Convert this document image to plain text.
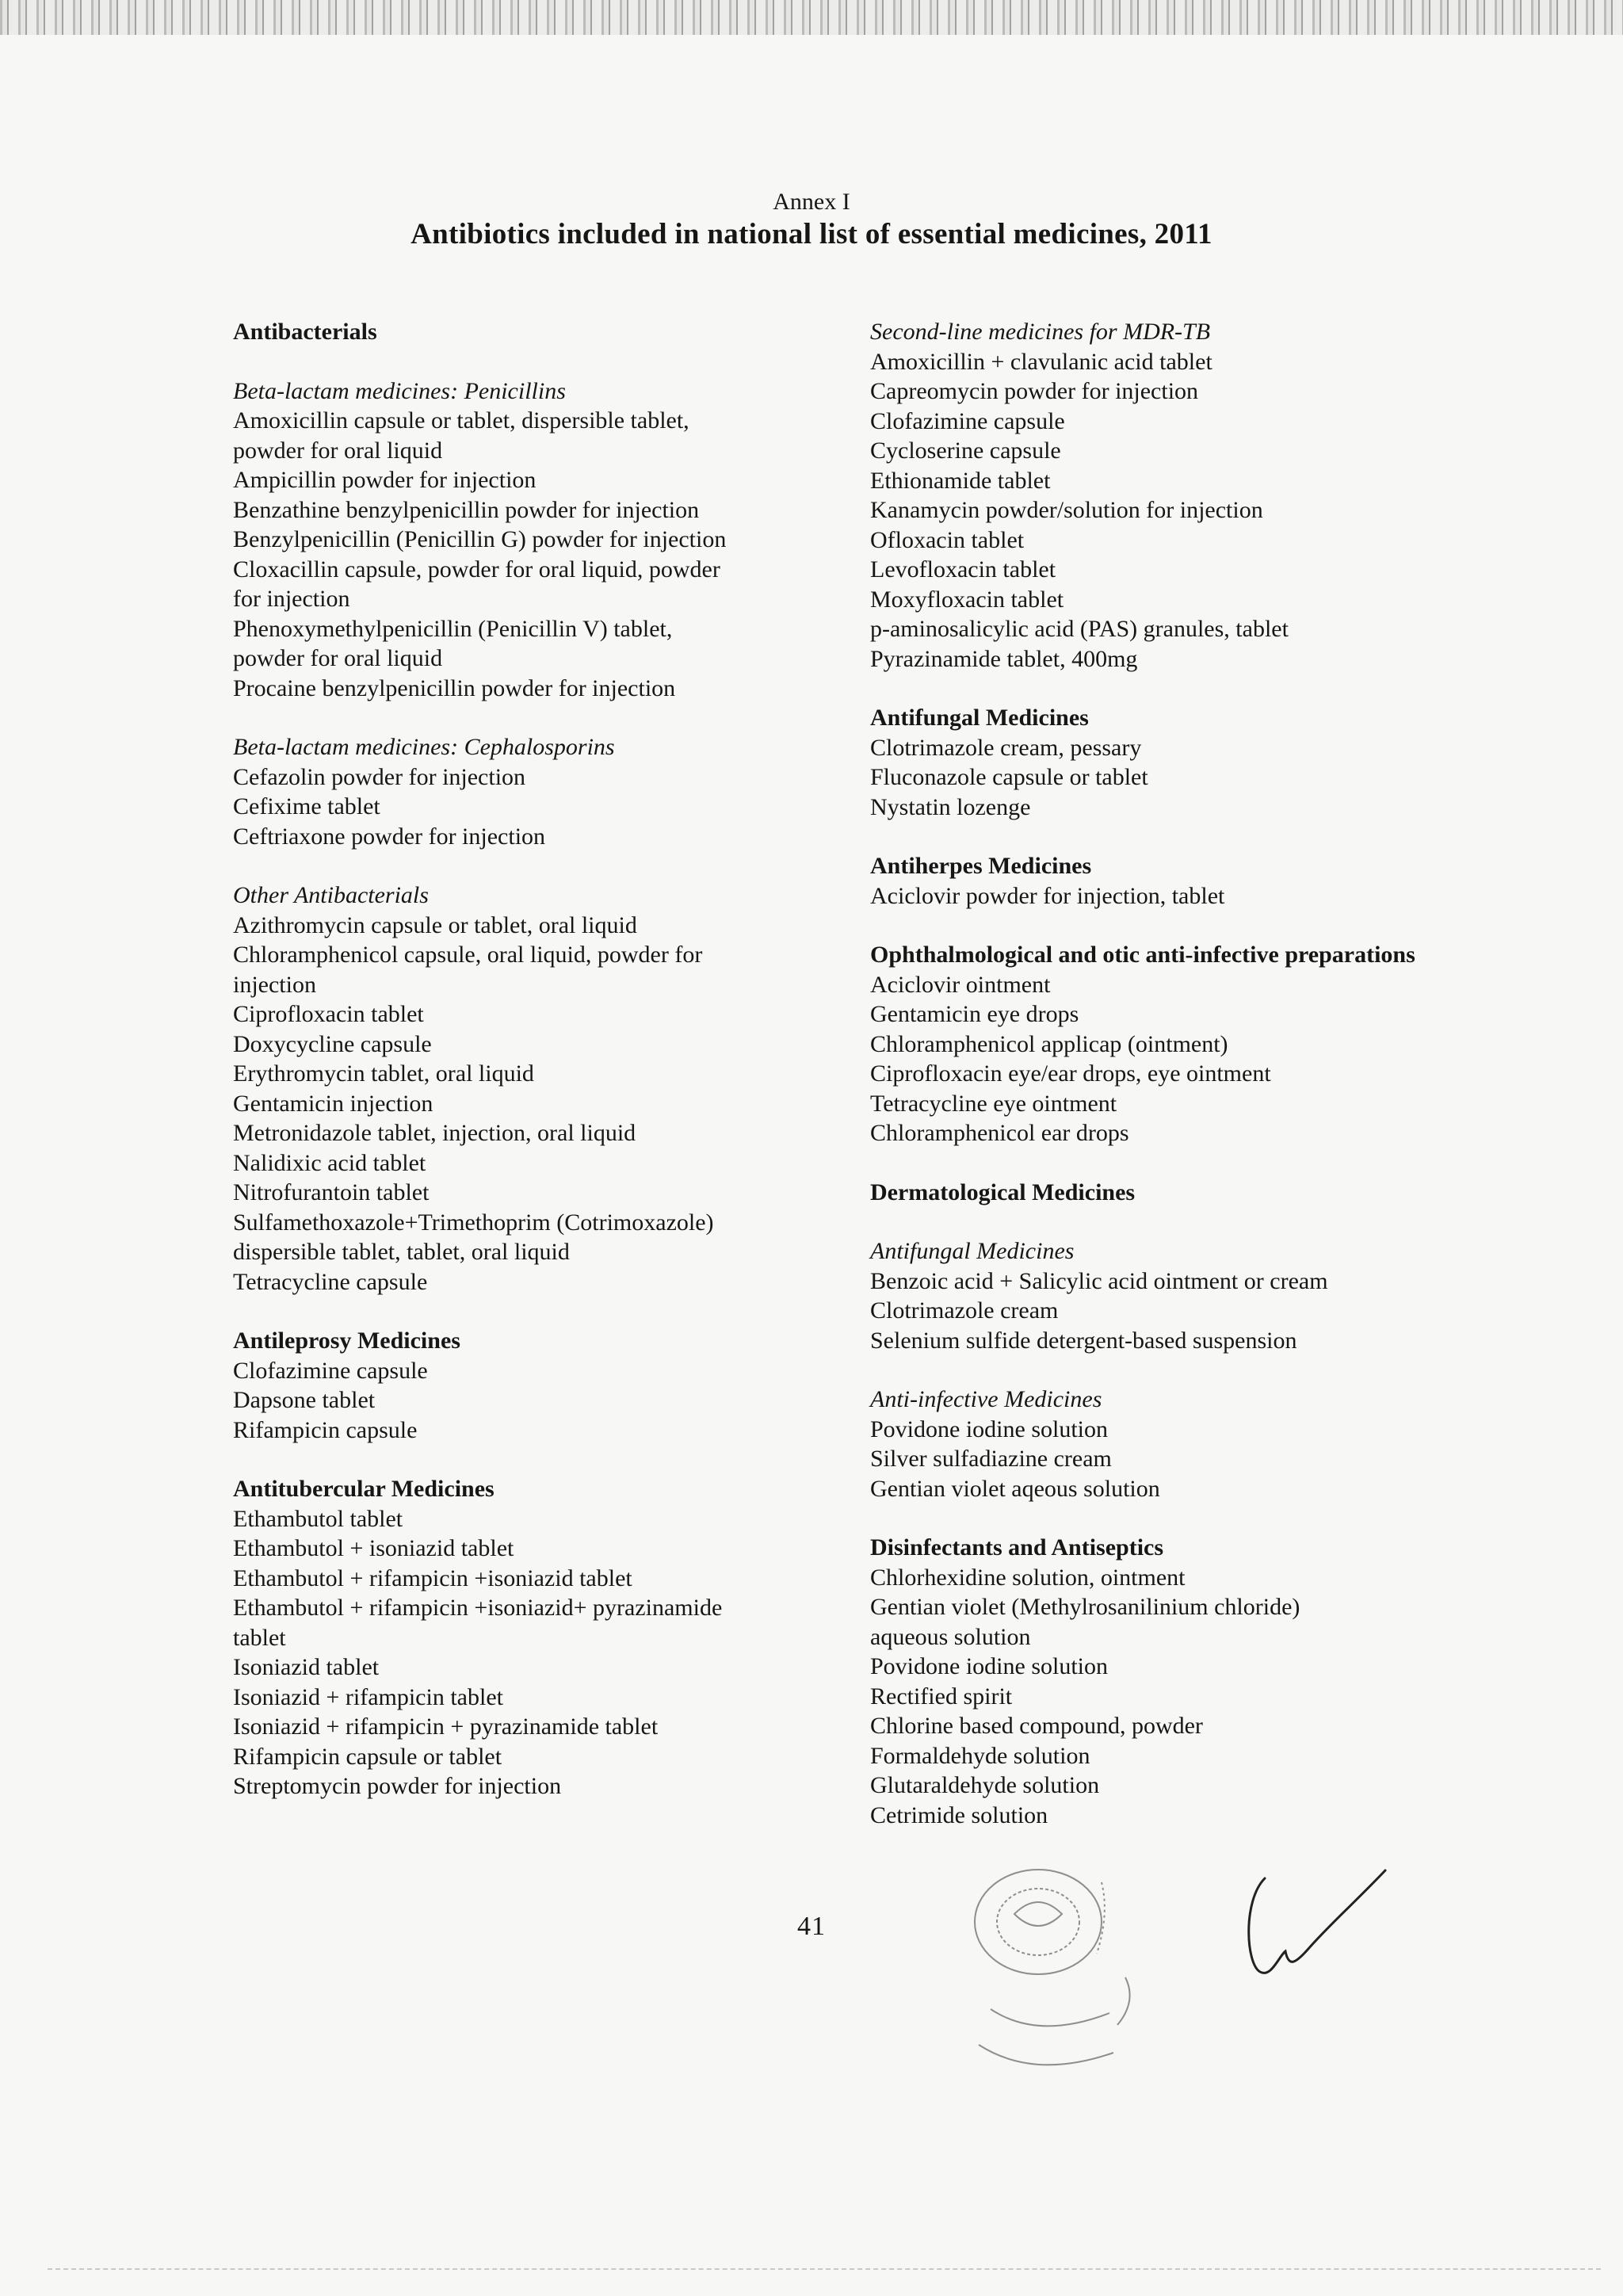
Annex I
Antibiotics included in national list of essential medicines, 2011
Antibacterials
Beta-lactam medicines: Penicillins
Amoxicillin capsule or tablet, dispersible tablet,
powder for oral liquid
Ampicillin powder for injection
Benzathine benzylpenicillin powder for injection
Benzylpenicillin (Penicillin G) powder for injection
Cloxacillin capsule, powder for oral liquid, powder
for injection
Phenoxymethylpenicillin (Penicillin V) tablet,
powder for oral liquid
Procaine benzylpenicillin powder for injection
Beta-lactam medicines: Cephalosporins
Cefazolin powder for injection
Cefixime tablet
Ceftriaxone powder for injection
Other Antibacterials
Azithromycin capsule or tablet, oral liquid
Chloramphenicol capsule, oral liquid, powder for
injection
Ciprofloxacin tablet
Doxycycline capsule
Erythromycin tablet, oral liquid
Gentamicin injection
Metronidazole tablet, injection, oral liquid
Nalidixic acid tablet
Nitrofurantoin tablet
Sulfamethoxazole+Trimethoprim (Cotrimoxazole)
dispersible tablet, tablet, oral liquid
Tetracycline capsule
Antileprosy Medicines
Clofazimine capsule
Dapsone tablet
Rifampicin capsule
Antitubercular Medicines
Ethambutol tablet
Ethambutol + isoniazid tablet
Ethambutol + rifampicin +isoniazid tablet
Ethambutol + rifampicin +isoniazid+ pyrazinamide
tablet
Isoniazid tablet
Isoniazid + rifampicin tablet
Isoniazid + rifampicin + pyrazinamide tablet
Rifampicin capsule or tablet
Streptomycin powder for injection
Second-line medicines for MDR-TB
Amoxicillin + clavulanic acid tablet
Capreomycin powder for injection
Clofazimine capsule
Cycloserine capsule
Ethionamide tablet
Kanamycin powder/solution for injection
Ofloxacin tablet
Levofloxacin tablet
Moxyfloxacin tablet
p-aminosalicylic acid (PAS) granules, tablet
Pyrazinamide tablet, 400mg
Antifungal Medicines
Clotrimazole cream, pessary
Fluconazole capsule or tablet
Nystatin lozenge
Antiherpes Medicines
Aciclovir powder for injection, tablet
Ophthalmological and otic anti-infective preparations
Aciclovir ointment
Gentamicin eye drops
Chloramphenicol applicap (ointment)
Ciprofloxacin eye/ear drops, eye ointment
Tetracycline eye ointment
Chloramphenicol ear drops
Dermatological Medicines
Antifungal Medicines
Benzoic acid + Salicylic acid ointment or cream
Clotrimazole cream
Selenium sulfide detergent-based suspension
Anti-infective Medicines
Povidone iodine solution
Silver sulfadiazine cream
Gentian violet aqeous solution
Disinfectants and Antiseptics
Chlorhexidine solution, ointment
Gentian violet (Methylrosanilinium chloride)
aqueous solution
Povidone iodine solution
Rectified spirit
Chlorine based compound, powder
Formaldehyde solution
Glutaraldehyde solution
Cetrimide solution
41
